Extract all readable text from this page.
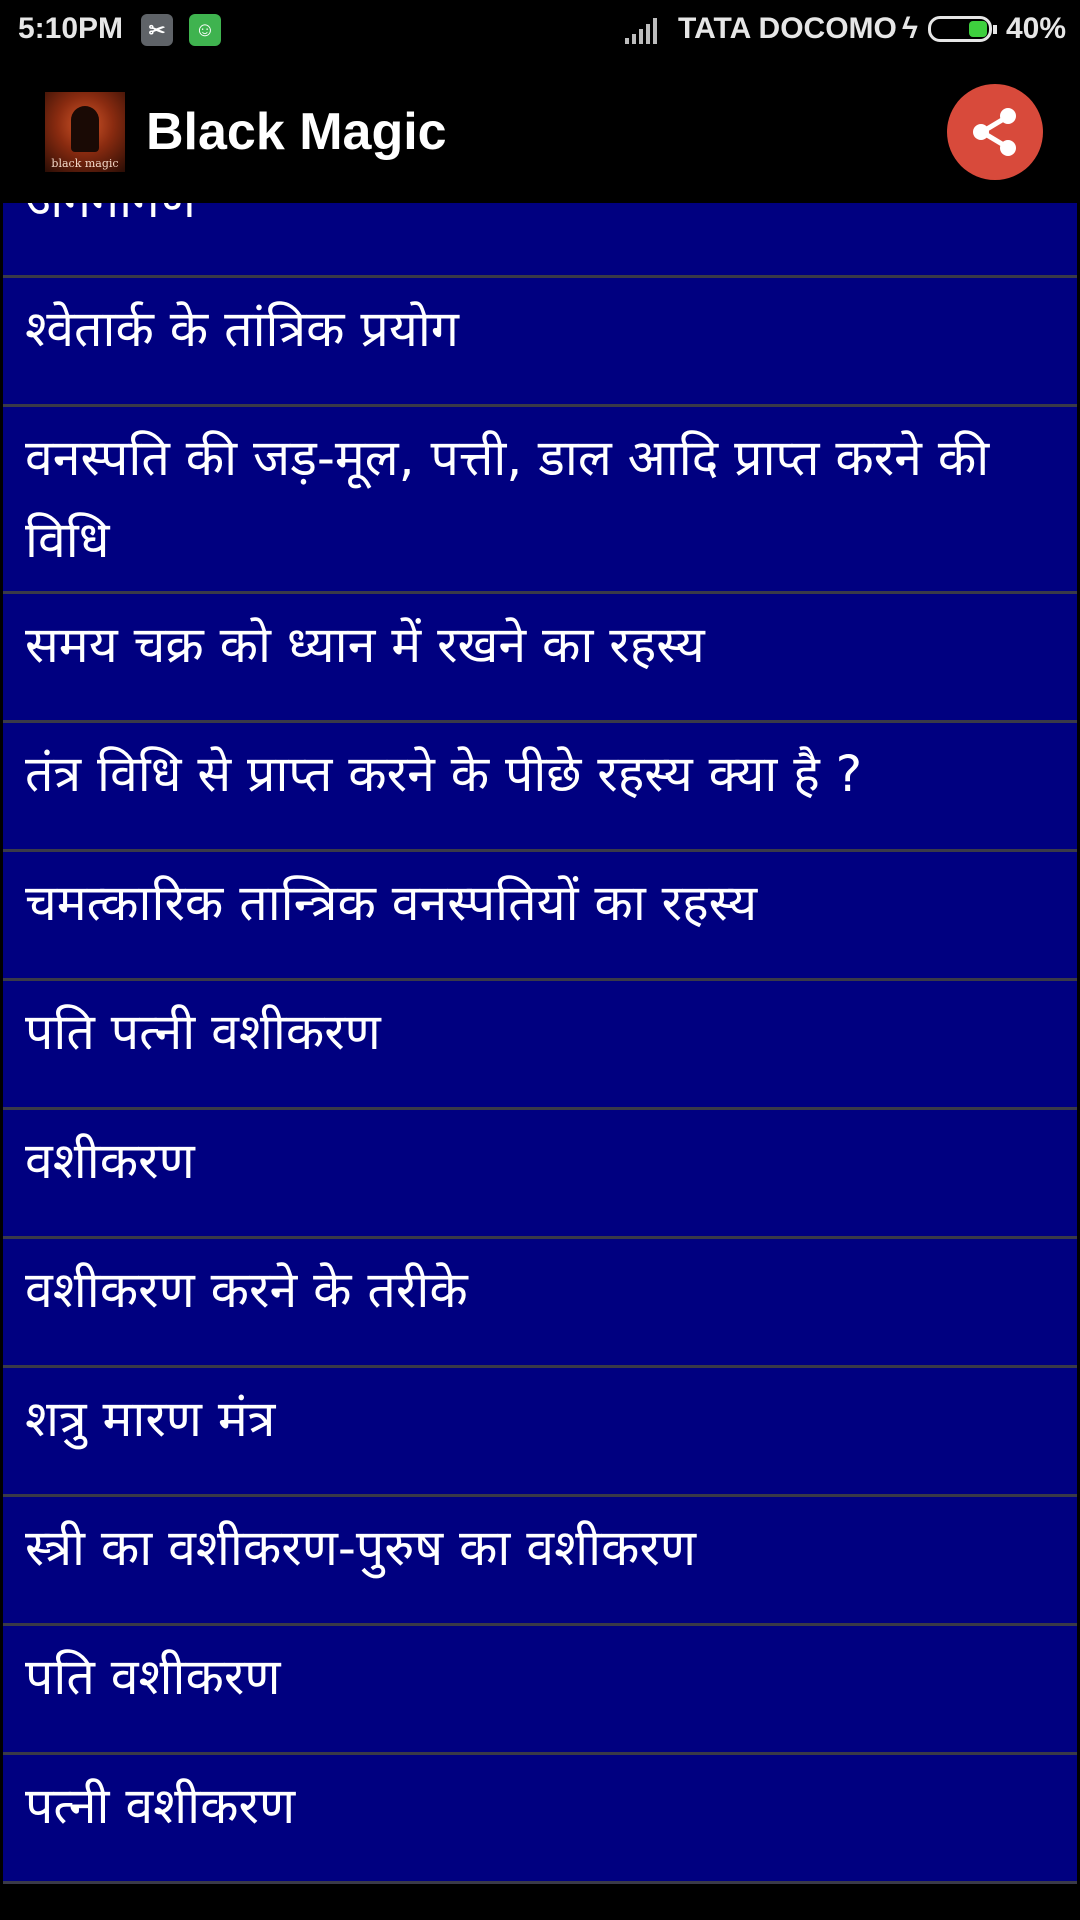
5:10PM	✂	☺	TATA DOCOMO ϟ	40%
black magic
Black Magic
श्वेतार्क के तांत्रिक प्रयोग
वनस्पति की जड़-मूल, पत्ती, डाल आदि प्राप्त करने की विधि
समय चक्र को ध्यान में रखने का रहस्य
तंत्र विधि से प्राप्त करने के पीछे रहस्य क्या है ?
चमत्कारिक तान्त्रिक वनस्पतियों का रहस्य
पति पत्नी वशीकरण
वशीकरण
वशीकरण करने के तरीके
शत्रु मारण मंत्र
स्त्री का वशीकरण-पुरुष का वशीकरण
पति वशीकरण
पत्नी वशीकरण
